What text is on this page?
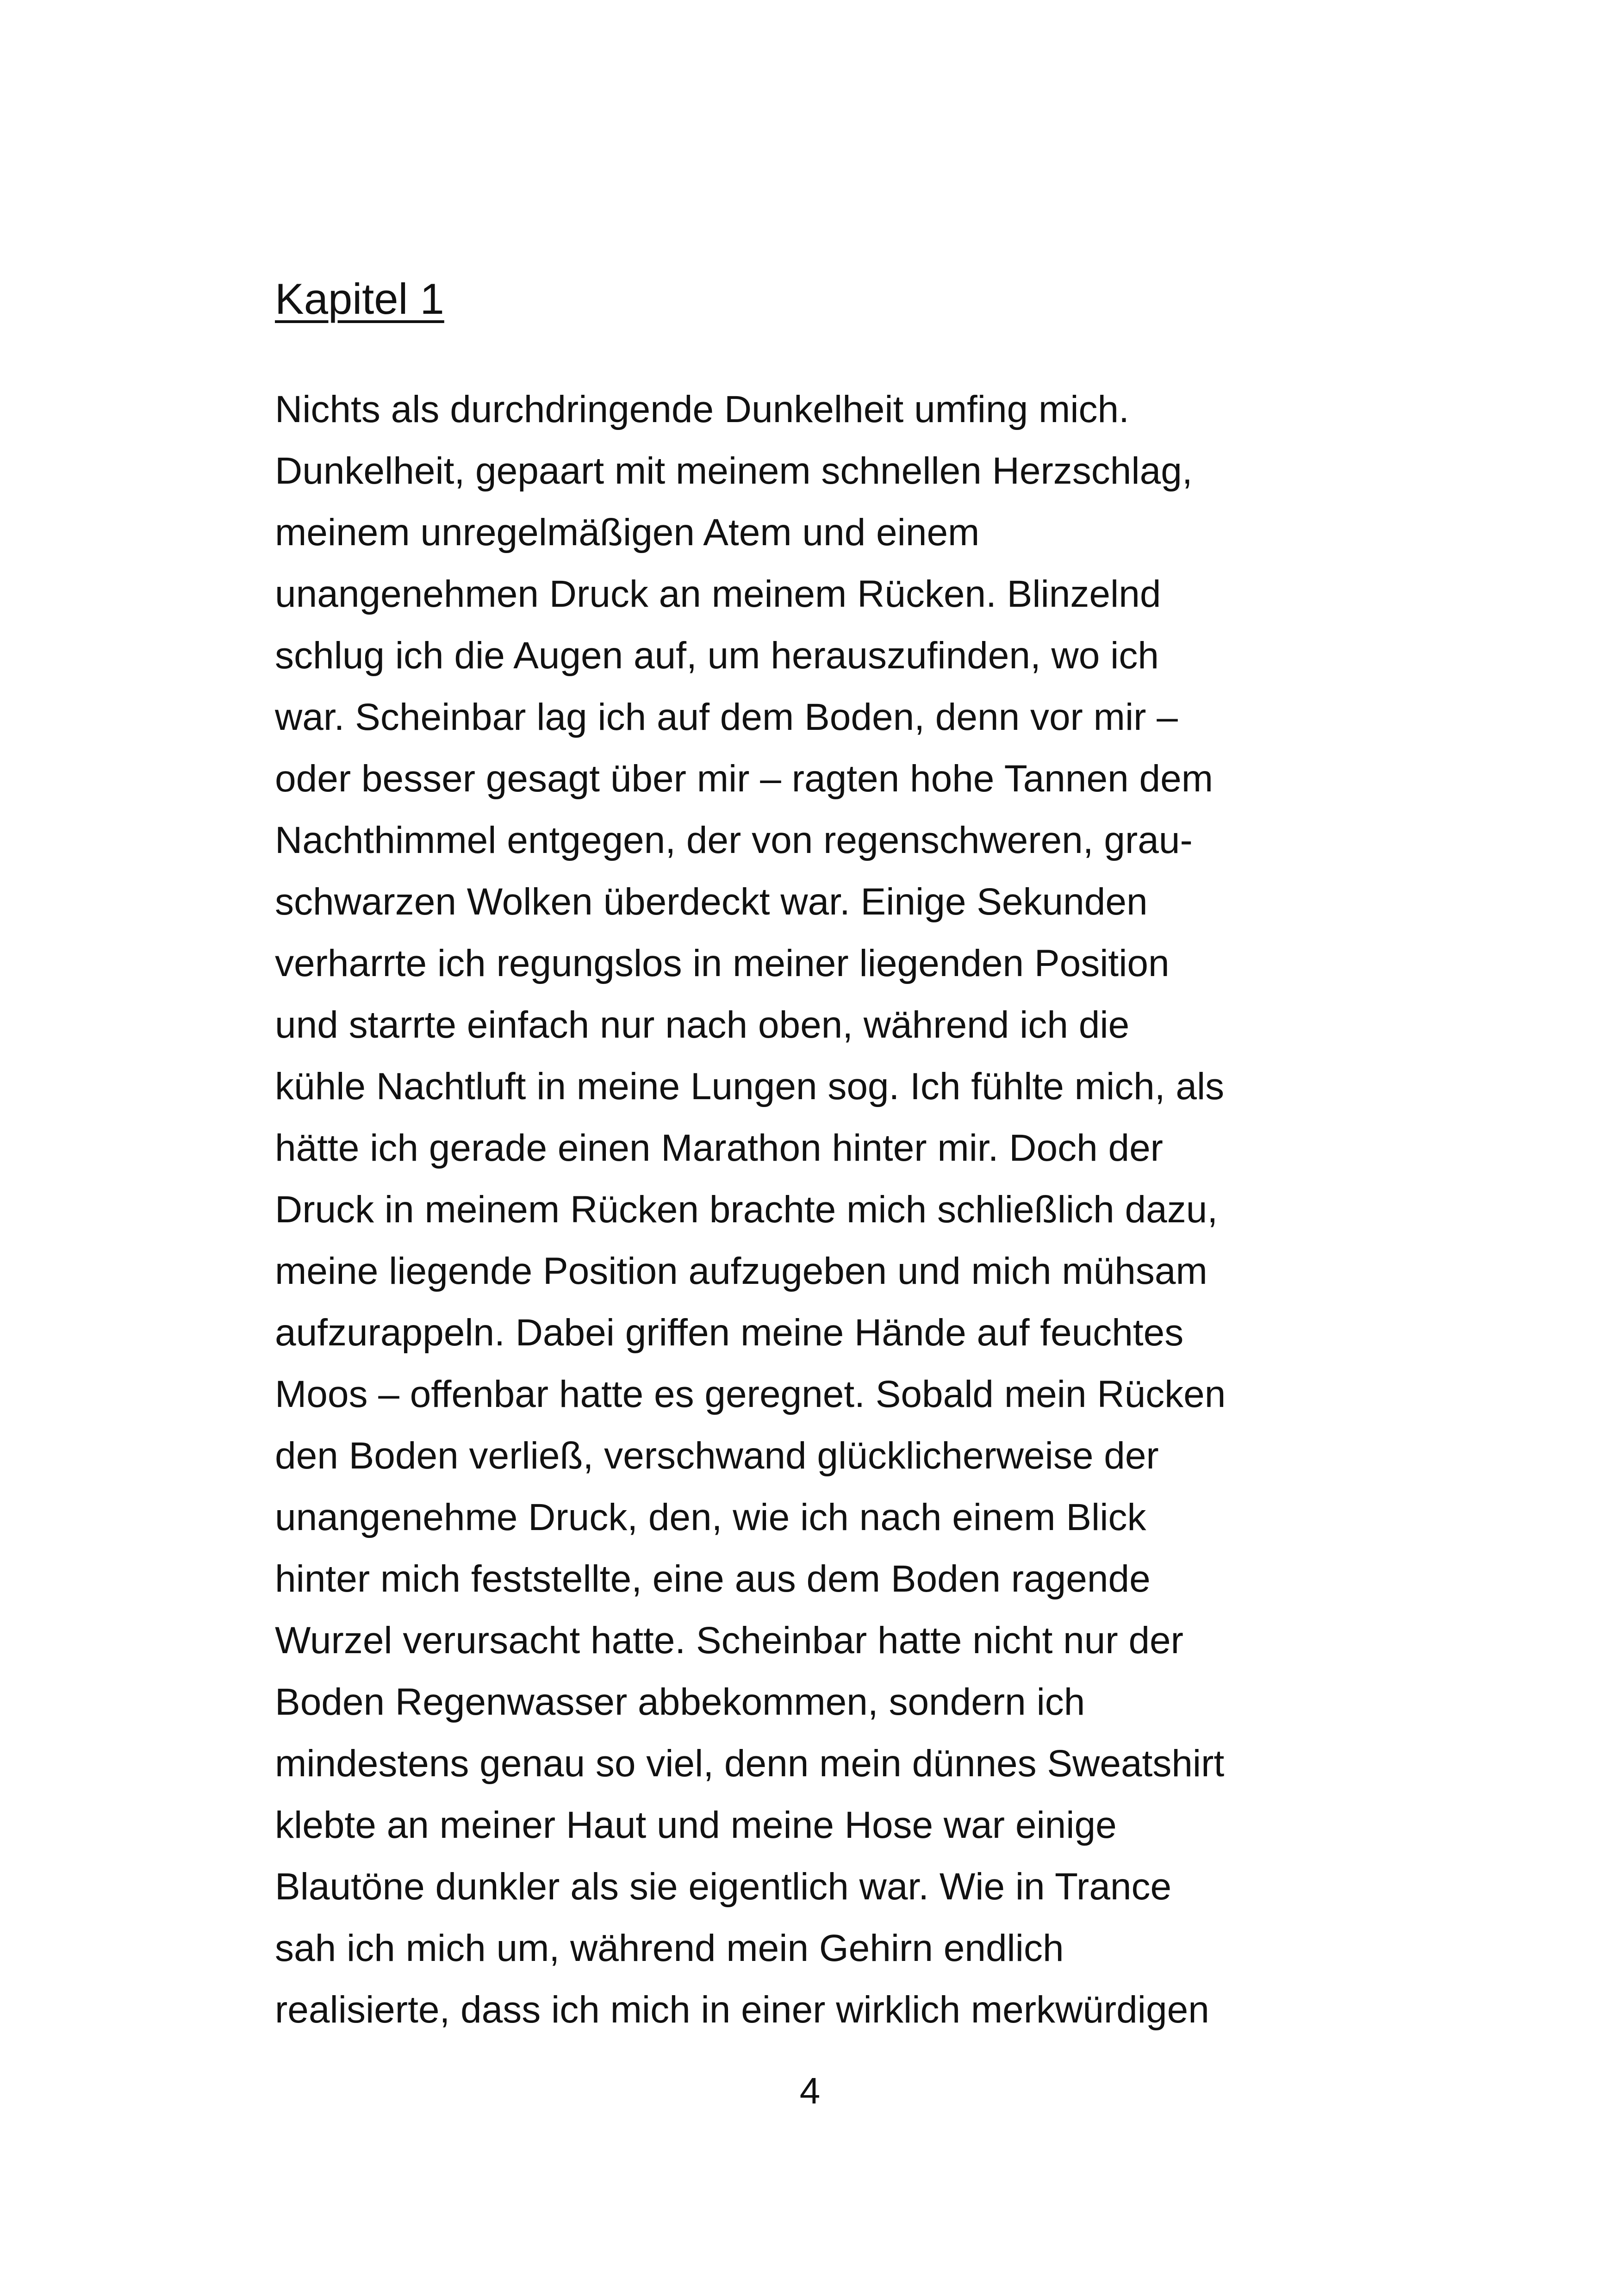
Kapitel 1
Nichts als durchdringende Dunkelheit umfing mich.
Dunkelheit, gepaart mit meinem schnellen Herzschlag,
meinem unregelmäßigen Atem und einem
unangenehmen Druck an meinem Rücken. Blinzelnd
schlug ich die Augen auf, um herauszufinden, wo ich
war. Scheinbar lag ich auf dem Boden, denn vor mir –
oder besser gesagt über mir – ragten hohe Tannen dem
Nachthimmel entgegen, der von regenschweren, grau-
schwarzen Wolken überdeckt war. Einige Sekunden
verharrte ich regungslos in meiner liegenden Position
und starrte einfach nur nach oben, während ich die
kühle Nachtluft in meine Lungen sog. Ich fühlte mich, als
hätte ich gerade einen Marathon hinter mir. Doch der
Druck in meinem Rücken brachte mich schließlich dazu,
meine liegende Position aufzugeben und mich mühsam
aufzurappeln. Dabei griffen meine Hände auf feuchtes
Moos – offenbar hatte es geregnet. Sobald mein Rücken
den Boden verließ, verschwand glücklicherweise der
unangenehme Druck, den, wie ich nach einem Blick
hinter mich feststellte, eine aus dem Boden ragende
Wurzel verursacht hatte. Scheinbar hatte nicht nur der
Boden Regenwasser abbekommen, sondern ich
mindestens genau so viel, denn mein dünnes Sweatshirt
klebte an meiner Haut und meine Hose war einige
Blautöne dunkler als sie eigentlich war. Wie in Trance
sah ich mich um, während mein Gehirn endlich
realisierte, dass ich mich in einer wirklich merkwürdigen
4
